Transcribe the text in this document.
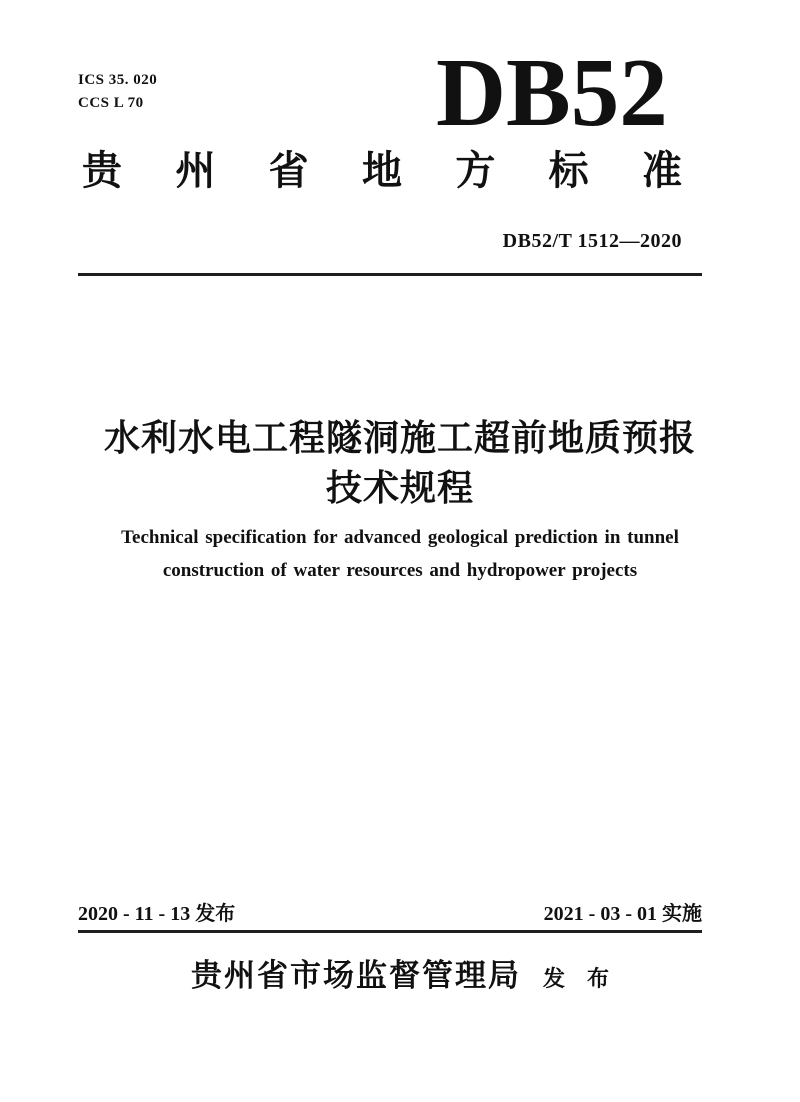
ICS 35. 020
CCS L 70	DB52
贵 州 省 地 方 标 准
DB52/T 1512—2020
水利水电工程隧洞施工超前地质预报
技术规程
Technical specification for advanced geological prediction in tunnel
construction of water resources and hydropower projects
2020 - 11 - 13 发布	2021 - 03 - 01 实施
贵州省市场监督管理局 发　布
